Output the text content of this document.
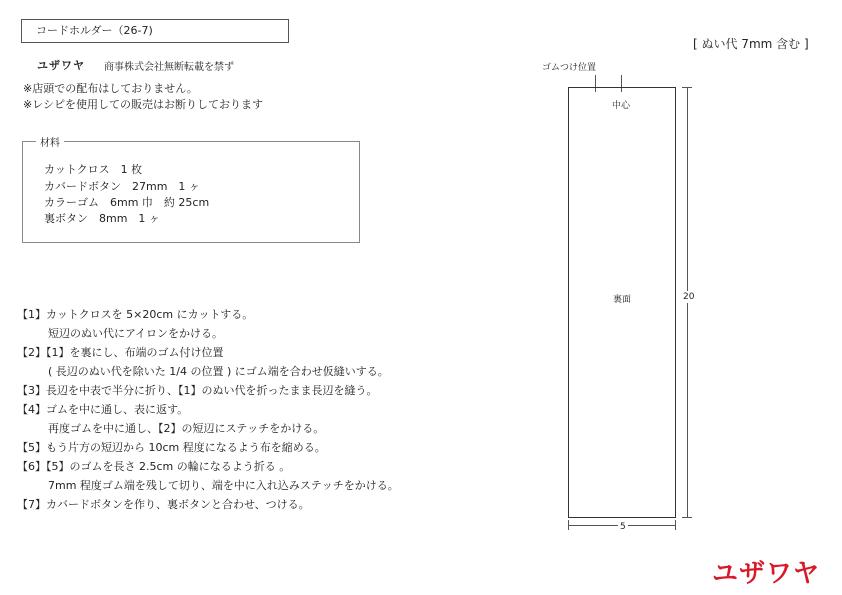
コードホルダー（26-7)
[ ぬい代 7mm 含む ]
ユザワヤ 商事株式会社無断転載を禁ず
※店頭での配布はしておりません。
※レシピを使用しての販売はお断りしております
材料
カットクロス　1 枚
カバードボタン　27mm　1 ヶ
カラーゴム　6mm 巾　約 25cm
裏ボタン　8mm　1 ヶ
【1】カットクロスを 5×20cm にカットする。
短辺のぬい代にアイロンをかける。
【2】【1】を裏にし、布端のゴム付け位置
( 長辺のぬい代を除いた 1/4 の位置 ) にゴム端を合わせ仮縫いする。
【3】長辺を中表で半分に折り、【1】のぬい代を折ったまま長辺を縫う。
【4】ゴムを中に通し、表に返す。
再度ゴムを中に通し、【2】の短辺にステッチをかける。
【5】もう片方の短辺から 10cm 程度になるよう布を縮める。
【6】【5】のゴムを長さ 2.5cm の輪になるよう折る 。
7mm 程度ゴム端を残して切り、端を中に入れ込みステッチをかける。
【7】カバードボタンを作り、裏ボタンと合わせ、つける。
ゴムつけ位置
中心
裏面	20
5
ユザワヤ
